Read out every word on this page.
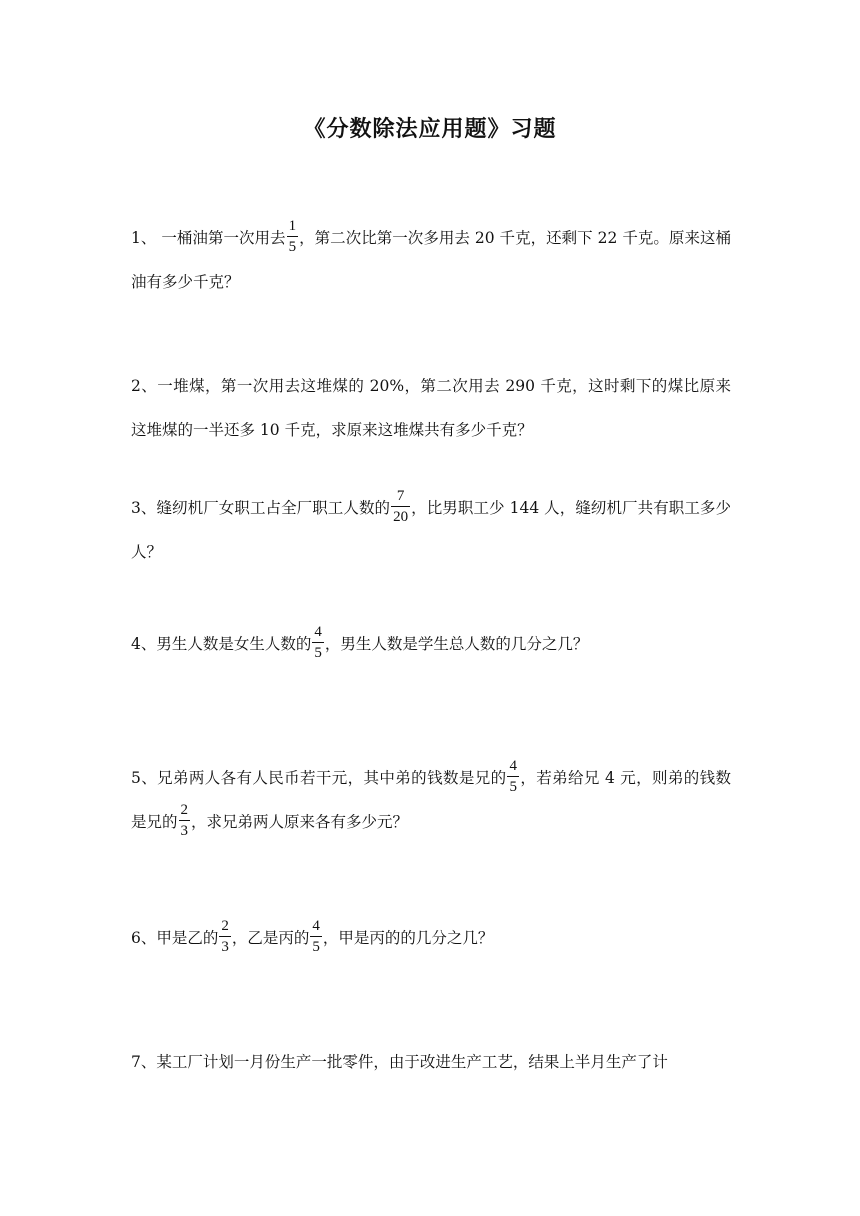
《分数除法应用题》习题
1、 一桶油第一次用去 $\frac{1}{5}$ ，第二次比第一次多用去 20 千克，还剩下 22 千克。原来这桶油有多少千克？
2、一堆煤，第一次用去这堆煤的 20%，第二次用去 290 千克，这时剩下的煤比原来这堆煤的一半还多 10 千克，求原来这堆煤共有多少千克？
3、缝纫机厂女职工占全厂职工人数的 $\frac{7}{20}$ ，比男职工少 144 人，缝纫机厂共有职工多少人？
4、男生人数是女生人数的 $\frac{4}{5}$ ，男生人数是学生总人数的几分之几？
5、兄弟两人各有人民币若干元，其中弟的钱数是兄的 $\frac{4}{5}$ ，若弟给兄 4 元，则弟的钱数是兄的 $\frac{2}{3}$ ，求兄弟两人原来各有多少元？
6、甲是乙的 $\frac{2}{3}$ ，乙是丙的 $\frac{4}{5}$ ，甲是丙的的几分之几？
7、某工厂计划一月份生产一批零件，由于改进生产工艺，结果上半月生产了计
